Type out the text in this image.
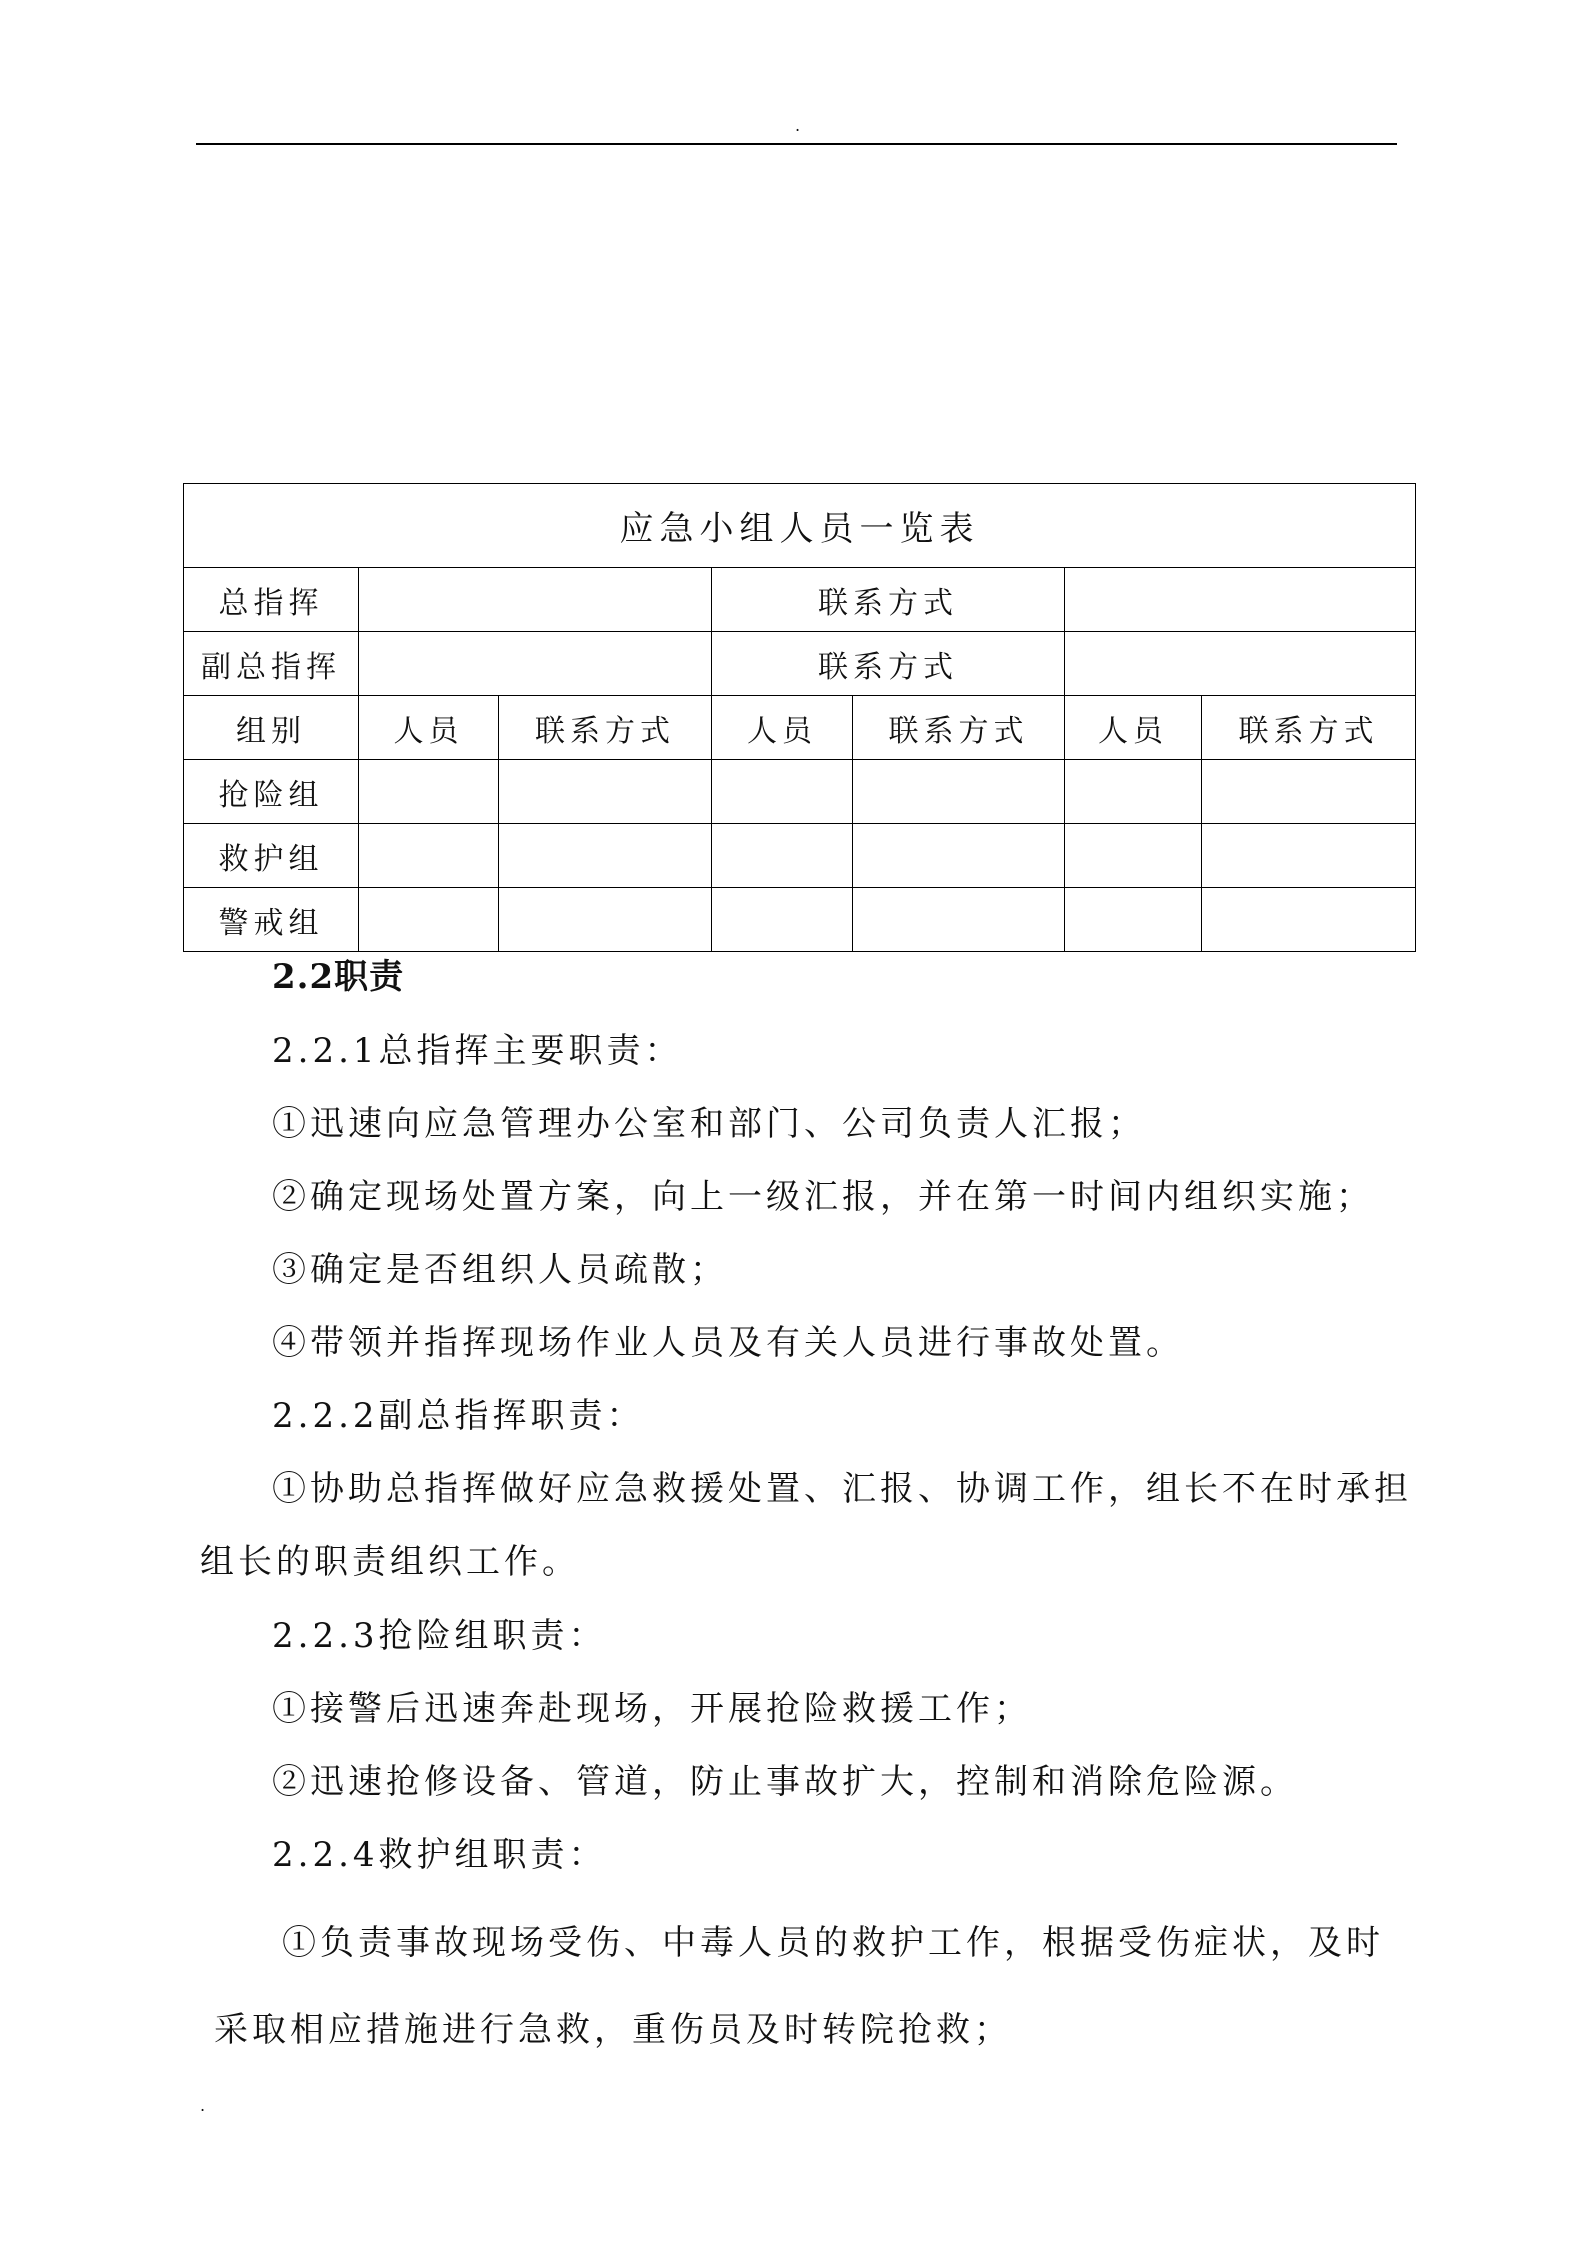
.
应急小组人员一览表						
总指挥			联系方式			
副总指挥			联系方式			
组别	人员	联系方式	人员	联系方式	人员	联系方式
抢险组						
救护组						
警戒组						
2.2职责
2.2.1总指挥主要职责：
①迅速向应急管理办公室和部门、公司负责人汇报；
②确定现场处置方案，向上一级汇报，并在第一时间内组织实施；
③确定是否组织人员疏散；
④带领并指挥现场作业人员及有关人员进行事故处置。
2.2.2副总指挥职责：
①协助总指挥做好应急救援处置、汇报、协调工作，组长不在时承担
组长的职责组织工作。
2.2.3抢险组职责：
①接警后迅速奔赴现场，开展抢险救援工作；
②迅速抢修设备、管道，防止事故扩大，控制和消除危险源。
2.2.4救护组职责：
①负责事故现场受伤、中毒人员的救护工作，根据受伤症状，及时
采取相应措施进行急救，重伤员及时转院抢救；
.
